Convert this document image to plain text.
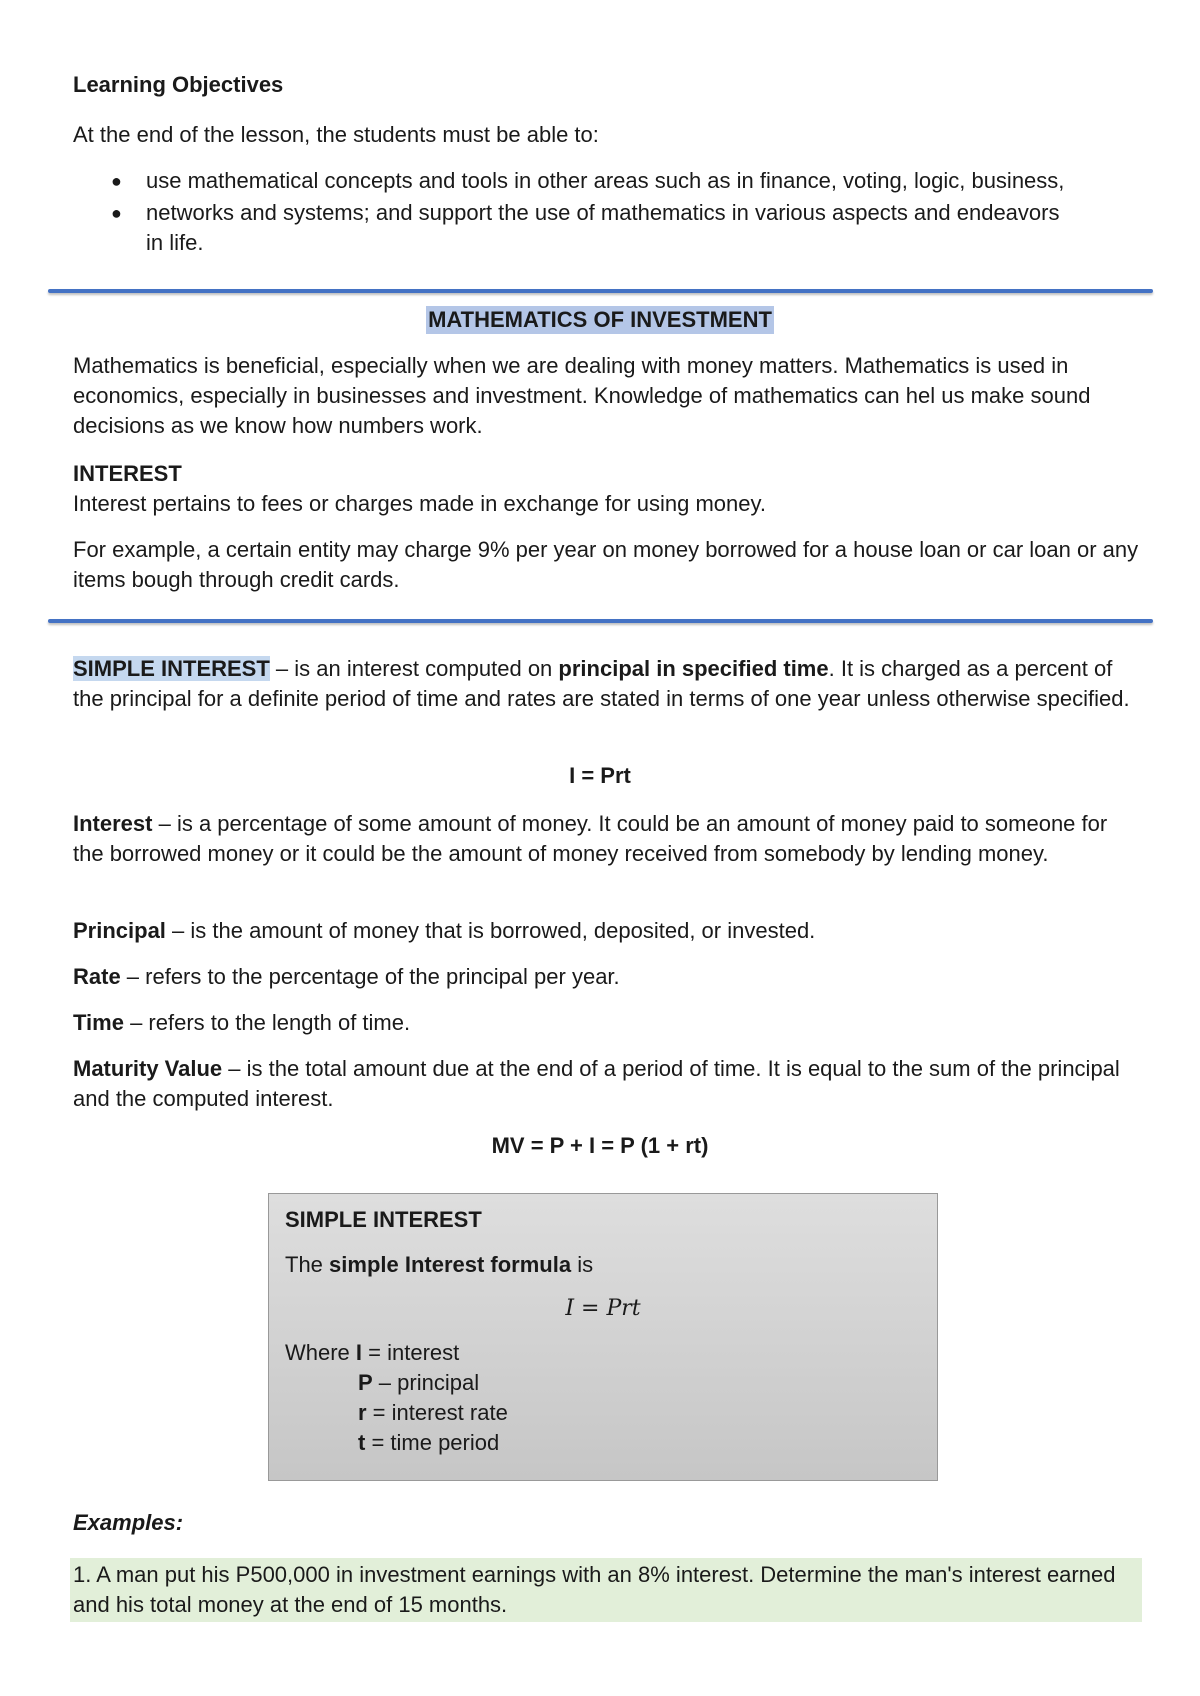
Learning Objectives

At the end of the lesson, the students must be able to:

● use mathematical concepts and tools in other areas such as in finance, voting, logic, business,
● networks and systems; and support the use of mathematics in various aspects and endeavors in life.
MATHEMATICS OF INVESTMENT

Mathematics is beneficial, especially when we are dealing with money matters. Mathematics is used in economics, especially in businesses and investment. Knowledge of mathematics can hel us make sound decisions as we know how numbers work.

INTEREST

Interest pertains to fees or charges made in exchange for using money.

For example, a certain entity may charge 9% per year on money borrowed for a house loan or car loan or any items bough through credit cards.

SIMPLE INTEREST – is an interest computed on principal in specified time. It is charged as a percent of the principal for a definite period of time and rates are stated in terms of one year unless otherwise specified.

I = Prt

Interest – is a percentage of some amount of money. It could be an amount of money paid to someone for the borrowed money or it could be the amount of money received from somebody by lending money.

Principal – is the amount of money that is borrowed, deposited, or invested.

Rate – refers to the percentage of the principal per year.

Time – refers to the length of time.

Maturity Value – is the total amount due at the end of a period of time. It is equal to the sum of the principal and the computed interest.

MV = P + I = P (1 + rt)
SIMPLE INTEREST
The simple Interest formula is
I = Prt
Where I = interest
P – principal
r = interest rate
t = time period
Examples:

1. A man put his P500,000 in investment earnings with an 8% interest. Determine the man's interest earned and his total money at the end of 15 months.
